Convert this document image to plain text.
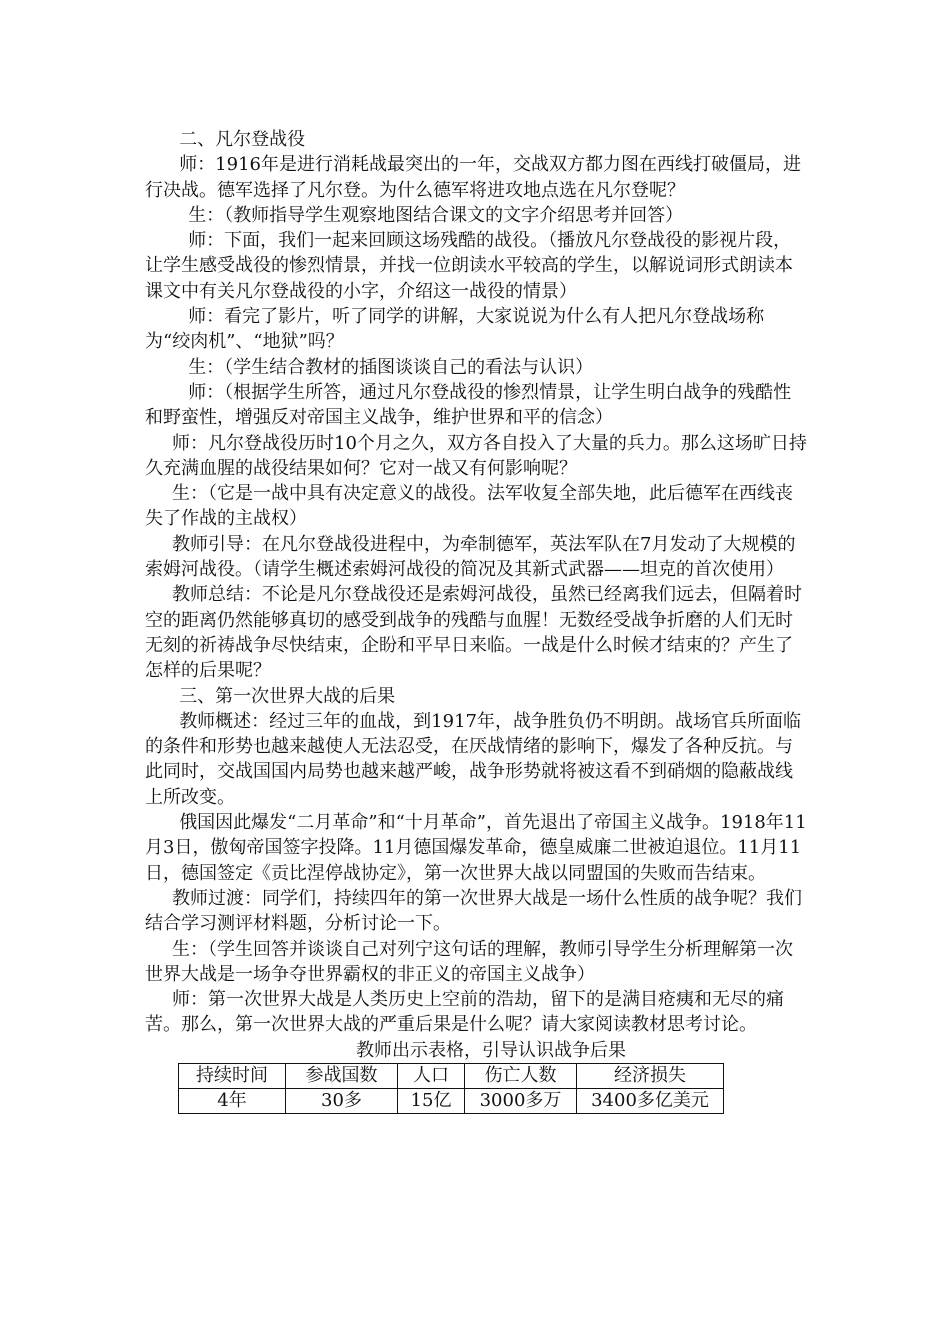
二、凡尔登战役

师：1916年是进行消耗战最突出的一年，交战双方都力图在西线打破僵局，进行决战。德军选择了凡尔登。为什么德军将进攻地点选在凡尔登呢？

生：（教师指导学生观察地图结合课文的文字介绍思考并回答）

师：下面，我们一起来回顾这场残酷的战役。（播放凡尔登战役的影视片段，让学生感受战役的惨烈情景，并找一位朗读水平较高的学生，以解说词形式朗读本课文中有关凡尔登战役的小字，介绍这一战役的情景）

师：看完了影片，听了同学的讲解，大家说说为什么有人把凡尔登战场称为“绞肉机”、“地狱”吗？

生：（学生结合教材的插图谈谈自己的看法与认识）

师：（根据学生所答，通过凡尔登战役的惨烈情景，让学生明白战争的残酷性和野蛮性，增强反对帝国主义战争，维护世界和平的信念）

师：凡尔登战役历时10个月之久，双方各自投入了大量的兵力。那么这场旷日持久充满血腥的战役结果如何？它对一战又有何影响呢？

生：（它是一战中具有决定意义的战役。法军收复全部失地，此后德军在西线丧失了作战的主战权）

教师引导：在凡尔登战役进程中，为牵制德军，英法军队在7月发动了大规模的索姆河战役。（请学生概述索姆河战役的简况及其新式武器——坦克的首次使用）

教师总结：不论是凡尔登战役还是索姆河战役，虽然已经离我们远去，但隔着时空的距离仍然能够真切的感受到战争的残酷与血腥！无数经受战争折磨的人们无时无刻的祈祷战争尽快结束，企盼和平早日来临。一战是什么时候才结束的？产生了怎样的后果呢？

三、第一次世界大战的后果

教师概述：经过三年的血战，到1917年，战争胜负仍不明朗。战场官兵所面临的条件和形势也越来越使人无法忍受，在厌战情绪的影响下，爆发了各种反抗。与此同时，交战国国内局势也越来越严峻，战争形势就将被这看不到硝烟的隐蔽战线上所改变。

俄国因此爆发“二月革命”和“十月革命”，首先退出了帝国主义战争。1918年11月3日，傲匈帝国签字投降。11月德国爆发革命，德皇威廉二世被迫退位。11月11日，德国签定《贡比涅停战协定》，第一次世界大战以同盟国的失败而告结束。

教师过渡：同学们，持续四年的第一次世界大战是一场什么性质的战争呢？我们结合学习测评材料题，分析讨论一下。

生：（学生回答并谈谈自己对列宁这句话的理解，教师引导学生分析理解第一次世界大战是一场争夺世界霸权的非正义的帝国主义战争）

师：第一次世界大战是人类历史上空前的浩劫，留下的是满目疮痍和无尽的痛苦。那么，第一次世界大战的严重后果是什么呢？请大家阅读教材思考讨论。

教师出示表格，引导认识战争后果

持续时间	参战国数	人口	伤亡人数	经济损失
4年	30多	15亿	3000多万	3400多亿美元
